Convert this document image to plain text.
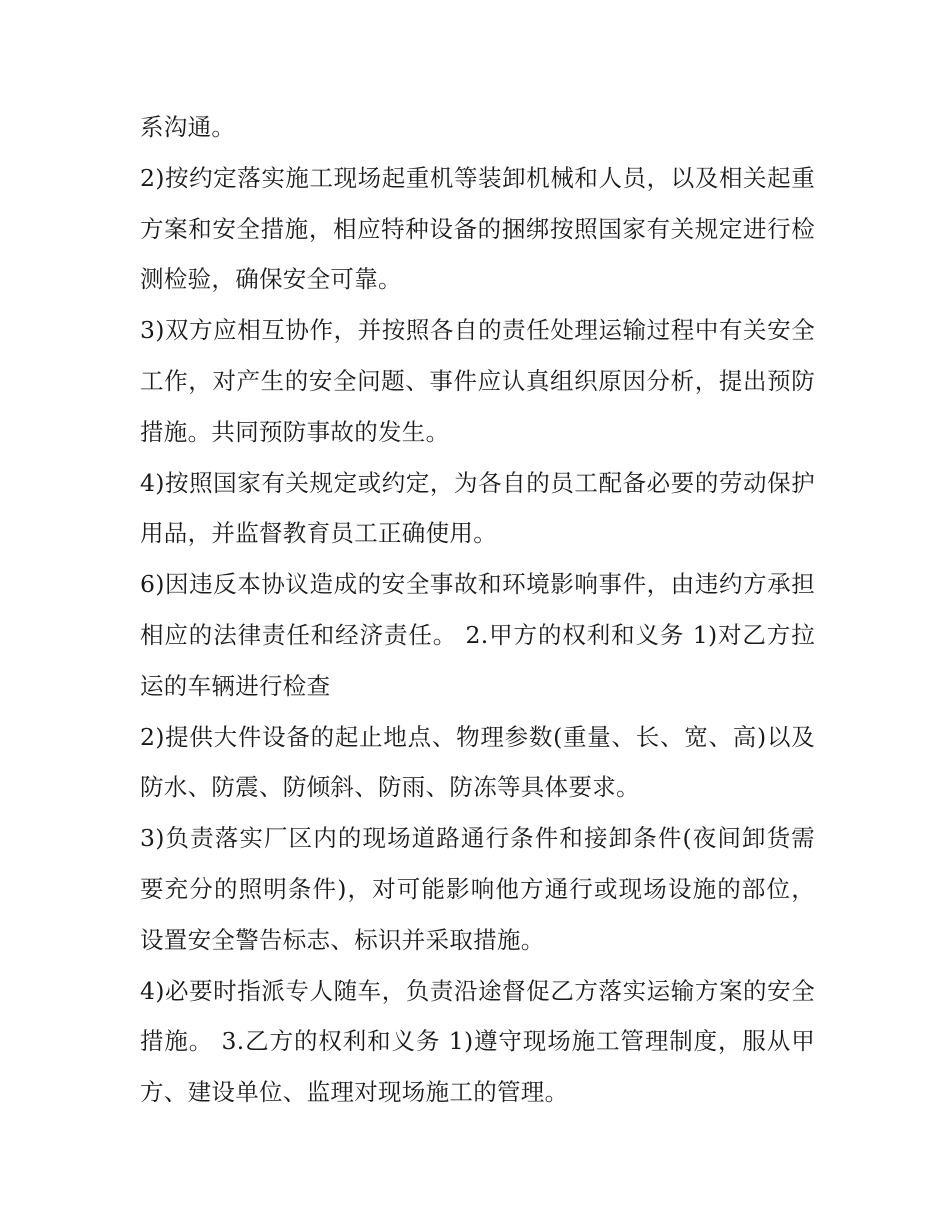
系沟通。

2)按约定落实施工现场起重机等装卸机械和人员，以及相关起重方案和安全措施，相应特种设备的捆绑按照国家有关规定进行检测检验，确保安全可靠。

3)双方应相互协作，并按照各自的责任处理运输过程中有关安全工作，对产生的安全问题、事件应认真组织原因分析，提出预防措施。共同预防事故的发生。

4)按照国家有关规定或约定，为各自的员工配备必要的劳动保护用品，并监督教育员工正确使用。

6)因违反本协议造成的安全事故和环境影响事件，由违约方承担相应的法律责任和经济责任。 2.甲方的权利和义务 1)对乙方拉运的车辆进行检查

2)提供大件设备的起止地点、物理参数(重量、长、宽、高)以及防水、防震、防倾斜、防雨、防冻等具体要求。

3)负责落实厂区内的现场道路通行条件和接卸条件(夜间卸货需要充分的照明条件)，对可能影响他方通行或现场设施的部位，设置安全警告标志、标识并采取措施。

4)必要时指派专人随车，负责沿途督促乙方落实运输方案的安全措施。 3.乙方的权利和义务 1)遵守现场施工管理制度，服从甲方、建设单位、监理对现场施工的管理。
